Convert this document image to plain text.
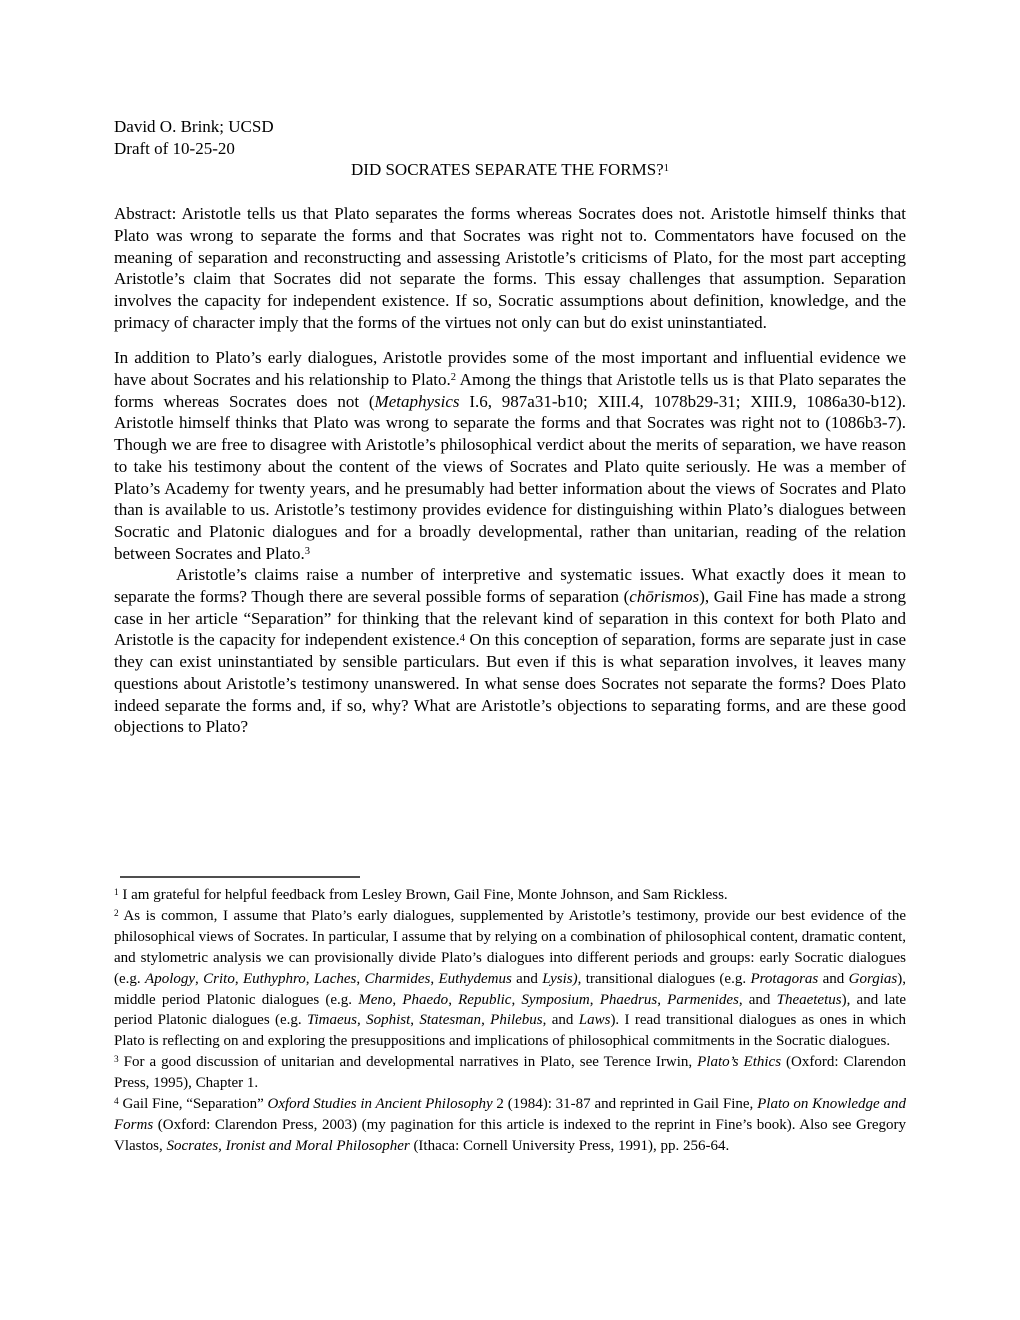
David O. Brink; UCSD
Draft of 10-25-20
DID SOCRATES SEPARATE THE FORMS?$^1$

Abstract: Aristotle tells us that Plato separates the forms whereas Socrates does not. Aristotle himself thinks that Plato was wrong to separate the forms and that Socrates was right not to. Commentators have focused on the meaning of separation and reconstructing and assessing Aristotle’s criticisms of Plato, for the most part accepting Aristotle’s claim that Socrates did not separate the forms. This essay challenges that assumption. Separation involves the capacity for independent existence. If so, Socratic assumptions about definition, knowledge, and the primacy of character imply that the forms of the virtues not only can but do exist uninstantiated.

In addition to Plato’s early dialogues, Aristotle provides some of the most important and influential evidence we have about Socrates and his relationship to Plato.$^2$ Among the things that Aristotle tells us is that Plato separates the forms whereas Socrates does not (Metaphysics I.6, 987a31-b10; XIII.4, 1078b29-31; XIII.9, 1086a30-b12). Aristotle himself thinks that Plato was wrong to separate the forms and that Socrates was right not to (1086b3-7). Though we are free to disagree with Aristotle’s philosophical verdict about the merits of separation, we have reason to take his testimony about the content of the views of Socrates and Plato quite seriously. He was a member of Plato’s Academy for twenty years, and he presumably had better information about the views of Socrates and Plato than is available to us. Aristotle’s testimony provides evidence for distinguishing within Plato’s dialogues between Socratic and Platonic dialogues and for a broadly developmental, rather than unitarian, reading of the relation between Socrates and Plato.$^3$

Aristotle’s claims raise a number of interpretive and systematic issues. What exactly does it mean to separate the forms? Though there are several possible forms of separation (chōrismos), Gail Fine has made a strong case in her article “Separation” for thinking that the relevant kind of separation in this context for both Plato and Aristotle is the capacity for independent existence.$^4$ On this conception of separation, forms are separate just in case they can exist uninstantiated by sensible particulars. But even if this is what separation involves, it leaves many questions about Aristotle’s testimony unanswered. In what sense does Socrates not separate the forms? Does Plato indeed separate the forms and, if so, why? What are Aristotle’s objections to separating forms, and are these good objections to Plato?

$^1$ I am grateful for helpful feedback from Lesley Brown, Gail Fine, Monte Johnson, and Sam Rickless.

$^2$ As is common, I assume that Plato’s early dialogues, supplemented by Aristotle’s testimony, provide our best evidence of the philosophical views of Socrates. In particular, I assume that by relying on a combination of philosophical content, dramatic content, and stylometric analysis we can provisionally divide Plato’s dialogues into different periods and groups: early Socratic dialogues (e.g. Apology, Crito, Euthyphro, Laches, Charmides, Euthydemus and Lysis), transitional dialogues (e.g. Protagoras and Gorgias), middle period Platonic dialogues (e.g. Meno, Phaedo, Republic, Symposium, Phaedrus, Parmenides, and Theaetetus), and late period Platonic dialogues (e.g. Timaeus, Sophist, Statesman, Philebus, and Laws). I read transitional dialogues as ones in which Plato is reflecting on and exploring the presuppositions and implications of philosophical commitments in the Socratic dialogues.

$^3$ For a good discussion of unitarian and developmental narratives in Plato, see Terence Irwin, Plato’s Ethics (Oxford: Clarendon Press, 1995), Chapter 1.

$^4$ Gail Fine, “Separation” Oxford Studies in Ancient Philosophy 2 (1984): 31-87 and reprinted in Gail Fine, Plato on Knowledge and Forms (Oxford: Clarendon Press, 2003) (my pagination for this article is indexed to the reprint in Fine’s book). Also see Gregory Vlastos, Socrates, Ironist and Moral Philosopher (Ithaca: Cornell University Press, 1991), pp. 256-64.
